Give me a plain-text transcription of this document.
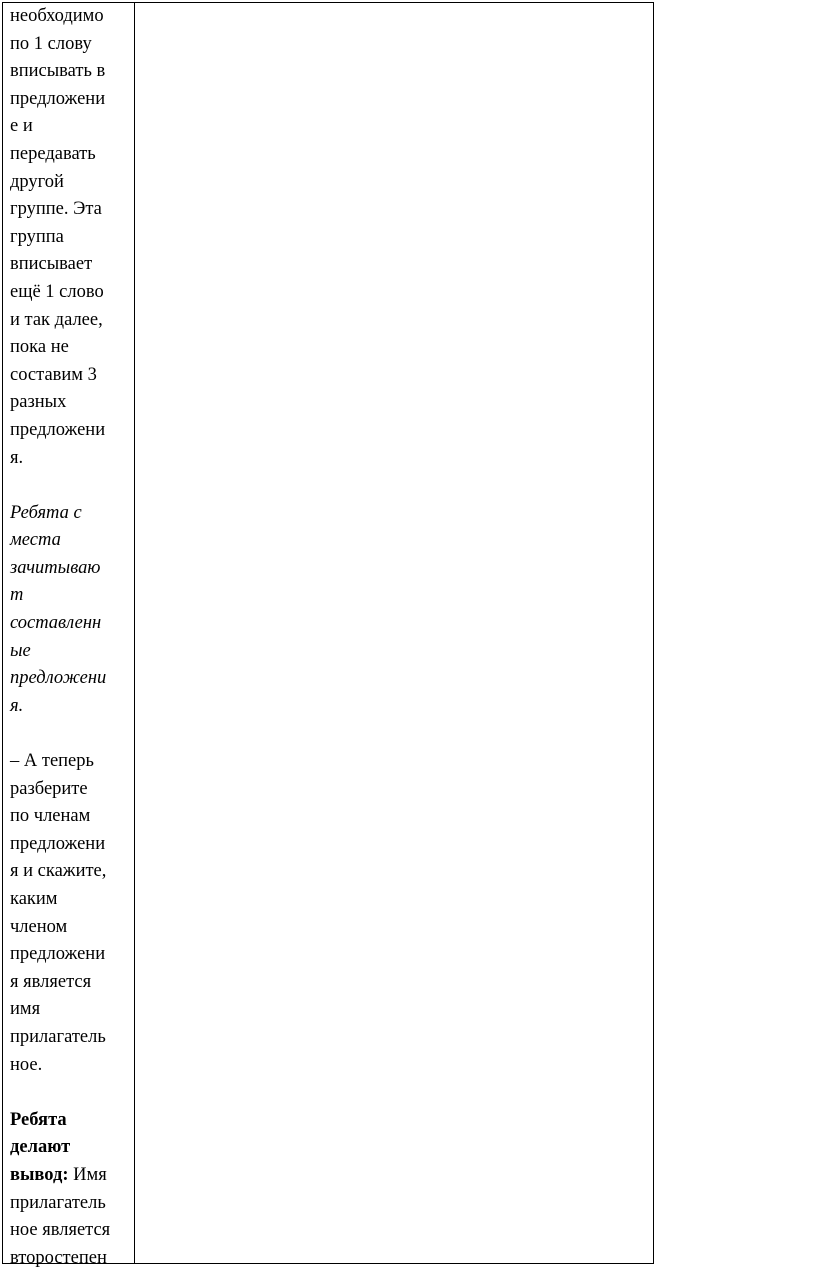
необходимо

по 1 слову

вписывать в

предложени

е и

передавать

другой

группе. Эта

группа

вписывает

ещё 1 слово

и так далее,

пока не

составим 3

разных

предложени

я.

Ребята с

места

зачитываю

т

составленн

ые

предложени

я.

– А теперь

разберите

по членам

предложени

я и скажите,

каким

членом

предложени

я является

имя

прилагатель

ное.

Ребята

делают

вывод: Имя

прилагатель

ное является

второстепен
